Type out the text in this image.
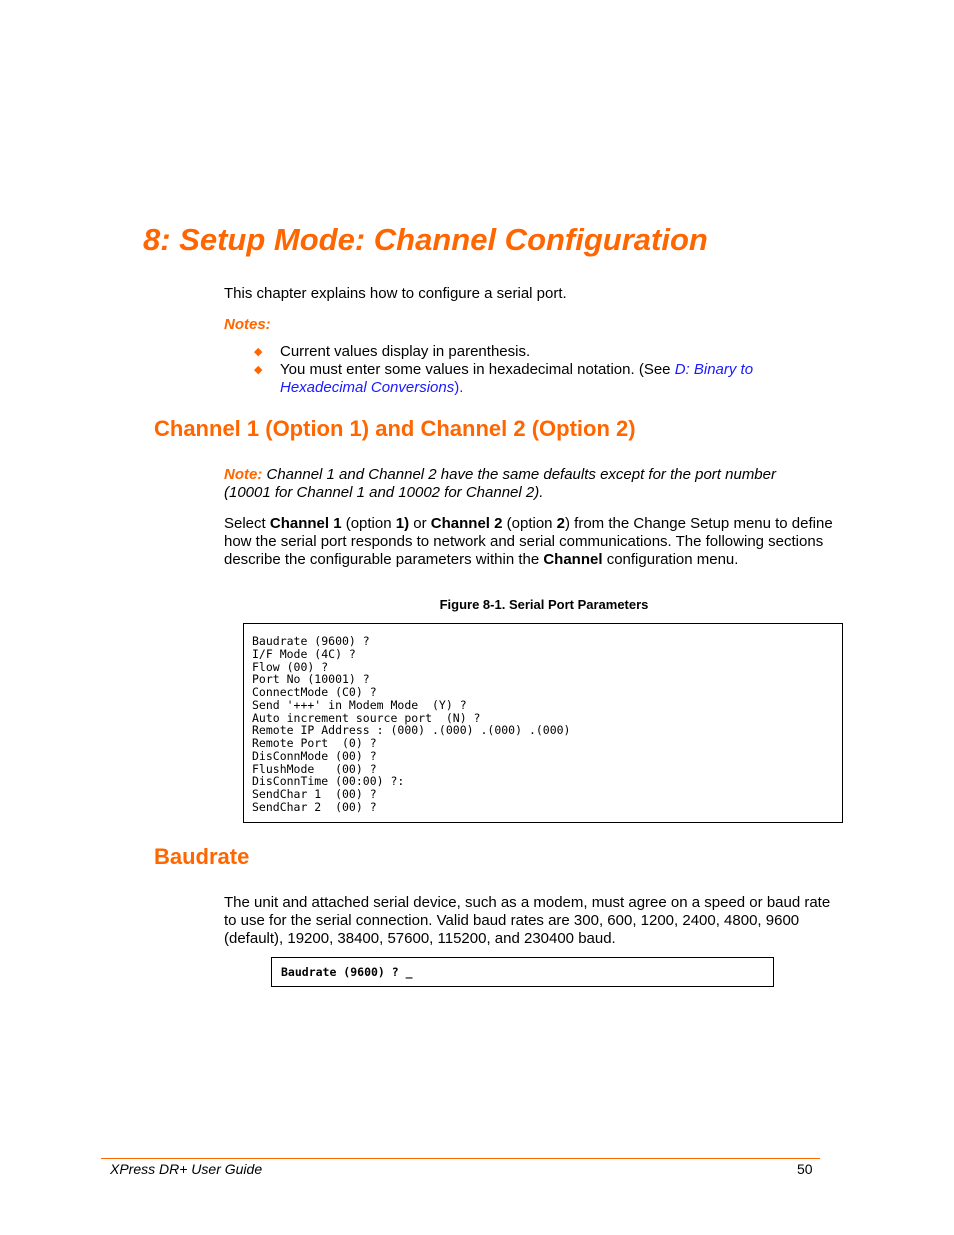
8: Setup Mode: Channel Configuration
This chapter explains how to configure a serial port.
Notes:
◆ Current values display in parenthesis.
◆ You must enter some values in hexadecimal notation. (See D: Binary to Hexadecimal Conversions).
Channel 1 (Option 1) and Channel 2 (Option 2)
Note: Channel 1 and Channel 2 have the same defaults except for the port number (10001 for Channel 1 and 10002 for Channel 2).
Select Channel 1 (option 1) or Channel 2 (option 2) from the Change Setup menu to define how the serial port responds to network and serial communications. The following sections describe the configurable parameters within the Channel configuration menu.
Figure 8-1. Serial Port Parameters
Baudrate (9600) ?
I/F Mode (4C) ?
Flow (00) ?
Port No (10001) ?
ConnectMode (C0) ?
Send '+++' in Modem Mode  (Y) ?
Auto increment source port  (N) ?
Remote IP Address : (000) .(000) .(000) .(000)
Remote Port  (0) ?
DisConnMode (00) ?
FlushMode   (00) ?
DisConnTime (00:00) ?:
SendChar 1  (00) ?
SendChar 2  (00) ?
Baudrate
The unit and attached serial device, such as a modem, must agree on a speed or baud rate to use for the serial connection. Valid baud rates are 300, 600, 1200, 2400, 4800, 9600 (default), 19200, 38400, 57600, 115200, and 230400 baud.
Baudrate (9600) ? _
XPress DR+ User Guide	50
